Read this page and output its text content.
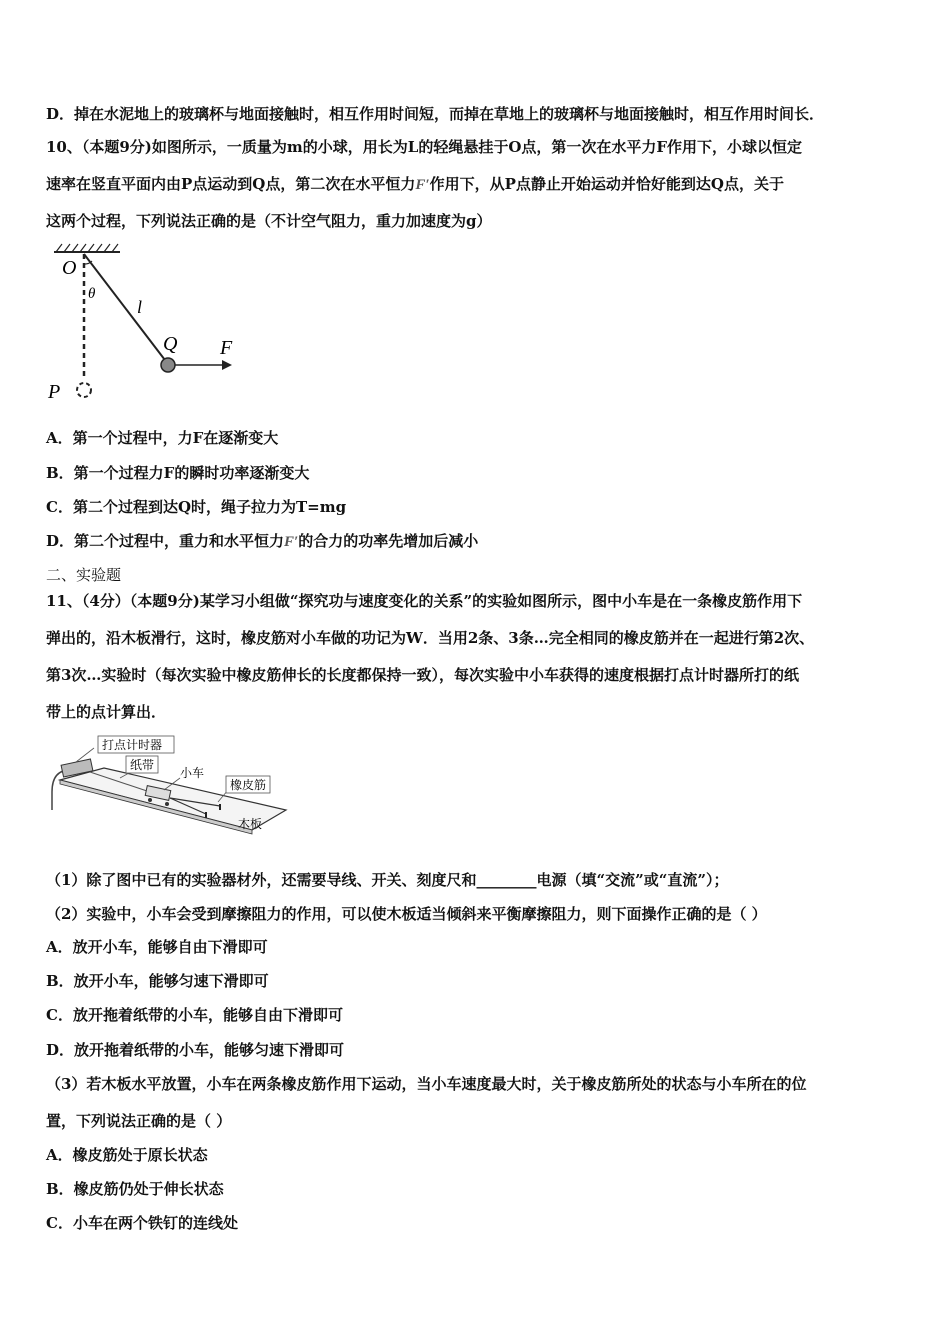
D．掉在水泥地上的玻璃杯与地面接触时，相互作用时间短，而掉在草地上的玻璃杯与地面接触时，相互作用时间长．
10、（本题9分)如图所示，一质量为m的小球，用长为L的轻绳悬挂于O点，第一次在水平力F作用下，小球以恒定
速率在竖直平面内由P点运动到Q点，第二次在水平恒力F′作用下，从P点静止开始运动并恰好能到达Q点，关于
这两个过程，下列说法正确的是（不计空气阻力，重力加速度为g）
O
θ
l
Q F
P
A．第一个过程中，力F在逐渐变大
B．第一个过程力F的瞬时功率逐渐变大
C．第二个过程到达Q时，绳子拉力为T=mg
D．第二个过程中，重力和水平恒力F′的合力的功率先增加后减小
二、实验题
11、（4分）（本题9分)某学习小组做“探究功与速度变化的关系”的实验如图所示，图中小车是在一条橡皮筋作用下
弹出的，沿木板滑行，这时，橡皮筋对小车做的功记为W．当用2条、3条…完全相同的橡皮筋并在一起进行第2次、
第3次…实验时（每次实验中橡皮筋伸长的长度都保持一致），每次实验中小车获得的速度根据打点计时器所打的纸
带上的点计算出．
打点计时器
纸带
小车
橡皮筋
木板
（1）除了图中已有的实验器材外，还需要导线、开关、刻度尺和________电源（填“交流”或“直流”）；
（2）实验中，小车会受到摩擦阻力的作用，可以使木板适当倾斜来平衡摩擦阻力，则下面操作正确的是（ ）
A．放开小车，能够自由下滑即可
B．放开小车，能够匀速下滑即可
C．放开拖着纸带的小车，能够自由下滑即可
D．放开拖着纸带的小车，能够匀速下滑即可
（3）若木板水平放置，小车在两条橡皮筋作用下运动，当小车速度最大时，关于橡皮筋所处的状态与小车所在的位
置，下列说法正确的是（ ）
A．橡皮筋处于原长状态
B．橡皮筋仍处于伸长状态
C．小车在两个铁钉的连线处
